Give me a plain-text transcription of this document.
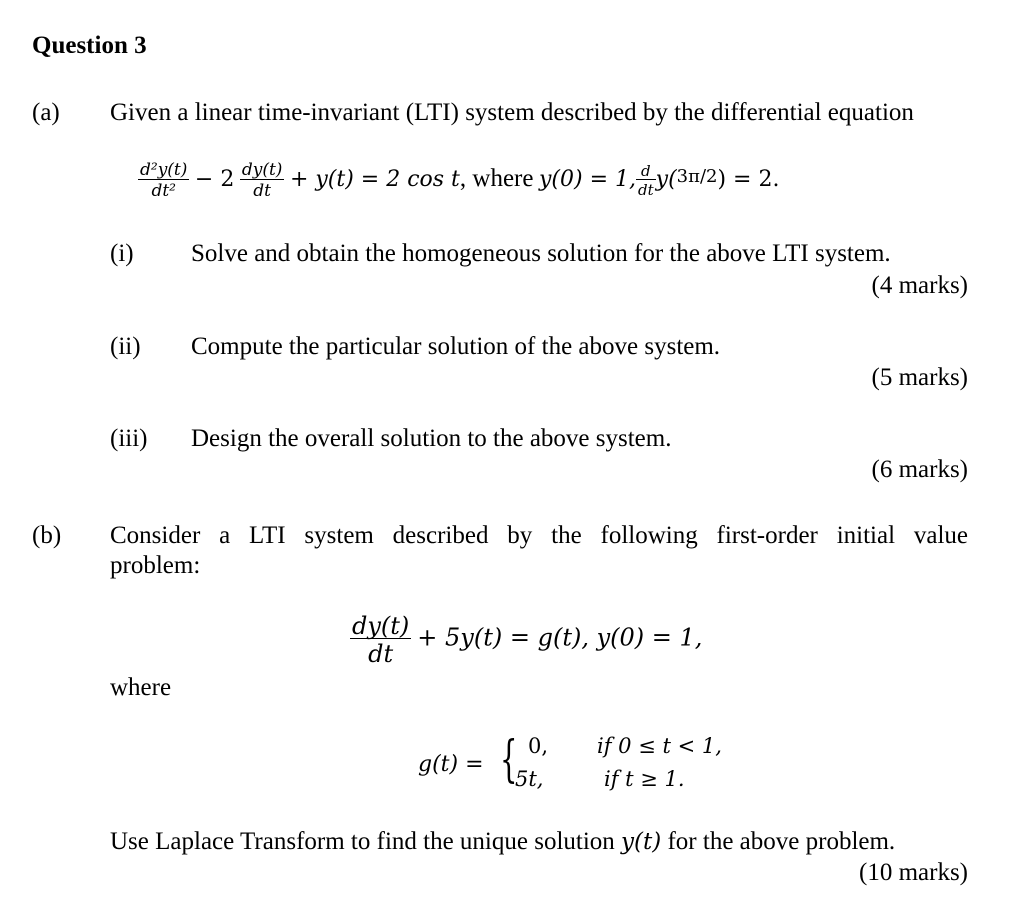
Question 3
(a) Given a linear time-invariant (LTI) system described by the differential equation
$\frac{\text{d²y(t)}}{\text{dt²}} - 2 \frac{dy(t)}{dt} + y(t) = 2$ cos t, where y(0) = 1, $\frac{d}{dt} y(3\pi/2) = 2$.
(i) Solve and obtain the homogeneous solution for the above LTI system.
(4 marks)
(ii) Compute the particular solution of the above system.
(5 marks)
(iii) Design the overall solution to the above system.
(6 marks)
(b) Consider a LTI system described by the following first-order initial value
problem:
$\frac{dy(t)}{dt} + 5y(t) = g(t)$, y(0) = 1,
where
g(t) = { 0, if 0 ≤ t < 1,
5t,	if t ≥ 1.
Use Laplace Transform to find the unique solution y(t) for the above problem.
(10 marks)
